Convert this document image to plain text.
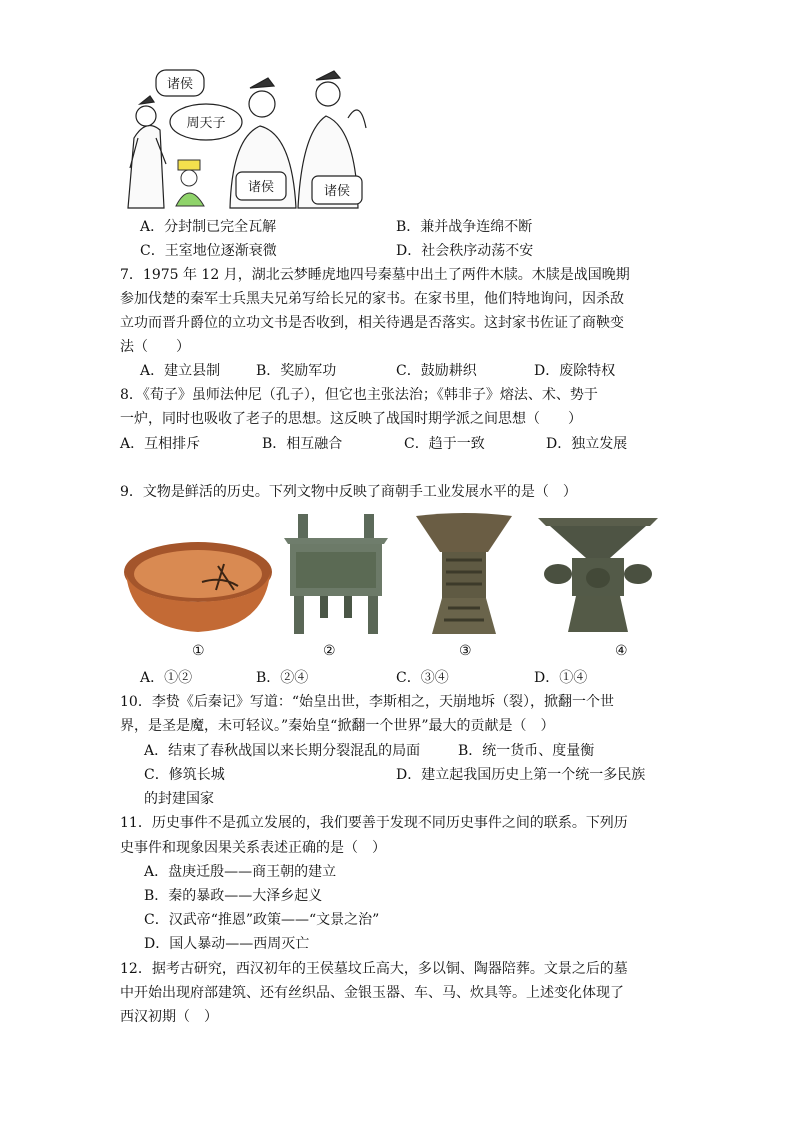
诸侯
周天子
诸侯	诸侯
A．分封制已完全瓦解	B．兼并战争连绵不断
C．王室地位逐渐衰微	D．社会秩序动荡不安
7．1975 年 12 月，湖北云梦睡虎地四号秦墓中出土了两件木牍。木牍是战国晚期
参加伐楚的秦军士兵黑夫兄弟写给长兄的家书。在家书里，他们特地询问，因杀敌
立功而晋升爵位的立功文书是否收到，相关待遇是否落实。这封家书佐证了商鞅变
法（　　）
A．建立县制	B．奖励军功	C．鼓励耕织	D．废除特权
8．《荀子》虽师法仲尼（孔子），但它也主张法治；《韩非子》熔法、术、势于
一炉，同时也吸收了老子的思想。这反映了战国时期学派之间思想（　　）
A．互相排斥	B．相互融合	C．趋于一致	D．独立发展
9．文物是鲜活的历史。下列文物中反映了商朝手工业发展水平的是（　）
①	②	③	④
A．①②	B．②④	C．③④	D．①④
10．李贽《后秦记》写道：“始皇出世，李斯相之，天崩地坼（裂），掀翻一个世
界，是圣是魔，未可轻议。”秦始皇“掀翻一个世界”最大的贡献是（　）
A．结束了春秋战国以来长期分裂混乱的局面	B．统一货币、度量衡
C．修筑长城	D．建立起我国历史上第一个统一多民族
的封建国家
11．历史事件不是孤立发展的，我们要善于发现不同历史事件之间的联系。下列历
史事件和现象因果关系表述正确的是（　）
A．盘庚迁殷——商王朝的建立
B．秦的暴政——大泽乡起义
C．汉武帝“推恩”政策——“文景之治”
D．国人暴动——西周灭亡
12．据考古研究，西汉初年的王侯墓坟丘高大，多以铜、陶器陪葬。文景之后的墓
中开始出现府部建筑、还有丝织品、金银玉器、车、马、炊具等。上述变化体现了
西汉初期（　）
